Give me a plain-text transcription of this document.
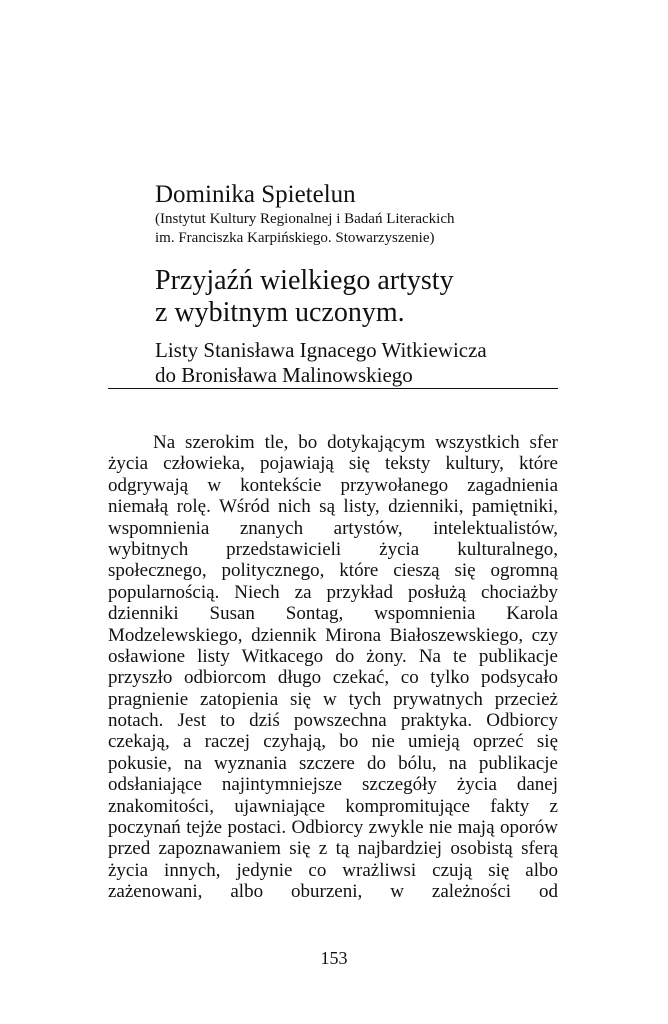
Dominika Spietelun
(Instytut Kultury Regionalnej i Badań Literackich
im. Franciszka Karpińskiego. Stowarzyszenie)
Przyjaźń wielkiego artysty
z wybitnym uczonym.
Listy Stanisława Ignacego Witkiewicza
do Bronisława Malinowskiego
Na szerokim tle, bo dotykającym wszystkich sfer
życia człowieka, pojawiają się teksty kultury, które
odgrywają w kontekście przywołanego zagadnienia
niemałą rolę. Wśród nich są listy, dzienniki, pamiętniki,
wspomnienia znanych artystów, intelektualistów,
wybitnych przedstawicieli życia kulturalnego,
społecznego, politycznego, które cieszą się ogromną
popularnością. Niech za przykład posłużą chociażby
dzienniki Susan Sontag, wspomnienia Karola
Modzelewskiego, dziennik Mirona Białoszewskiego, czy
osławione listy Witkacego do żony. Na te publikacje
przyszło odbiorcom długo czekać, co tylko podsycało
pragnienie zatopienia się w tych prywatnych przecież
notach. Jest to dziś powszechna praktyka. Odbiorcy
czekają, a raczej czyhają, bo nie umieją oprzeć się
pokusie, na wyznania szczere do bólu, na publikacje
odsłaniające najintymniejsze szczegóły życia danej
znakomitości, ujawniające kompromitujące fakty z
poczynań tejże postaci. Odbiorcy zwykle nie mają oporów
przed zapoznawaniem się z tą najbardziej osobistą sferą
życia innych, jedynie co wrażliwsi czują się albo
zażenowani, albo oburzeni, w zależności od
153
